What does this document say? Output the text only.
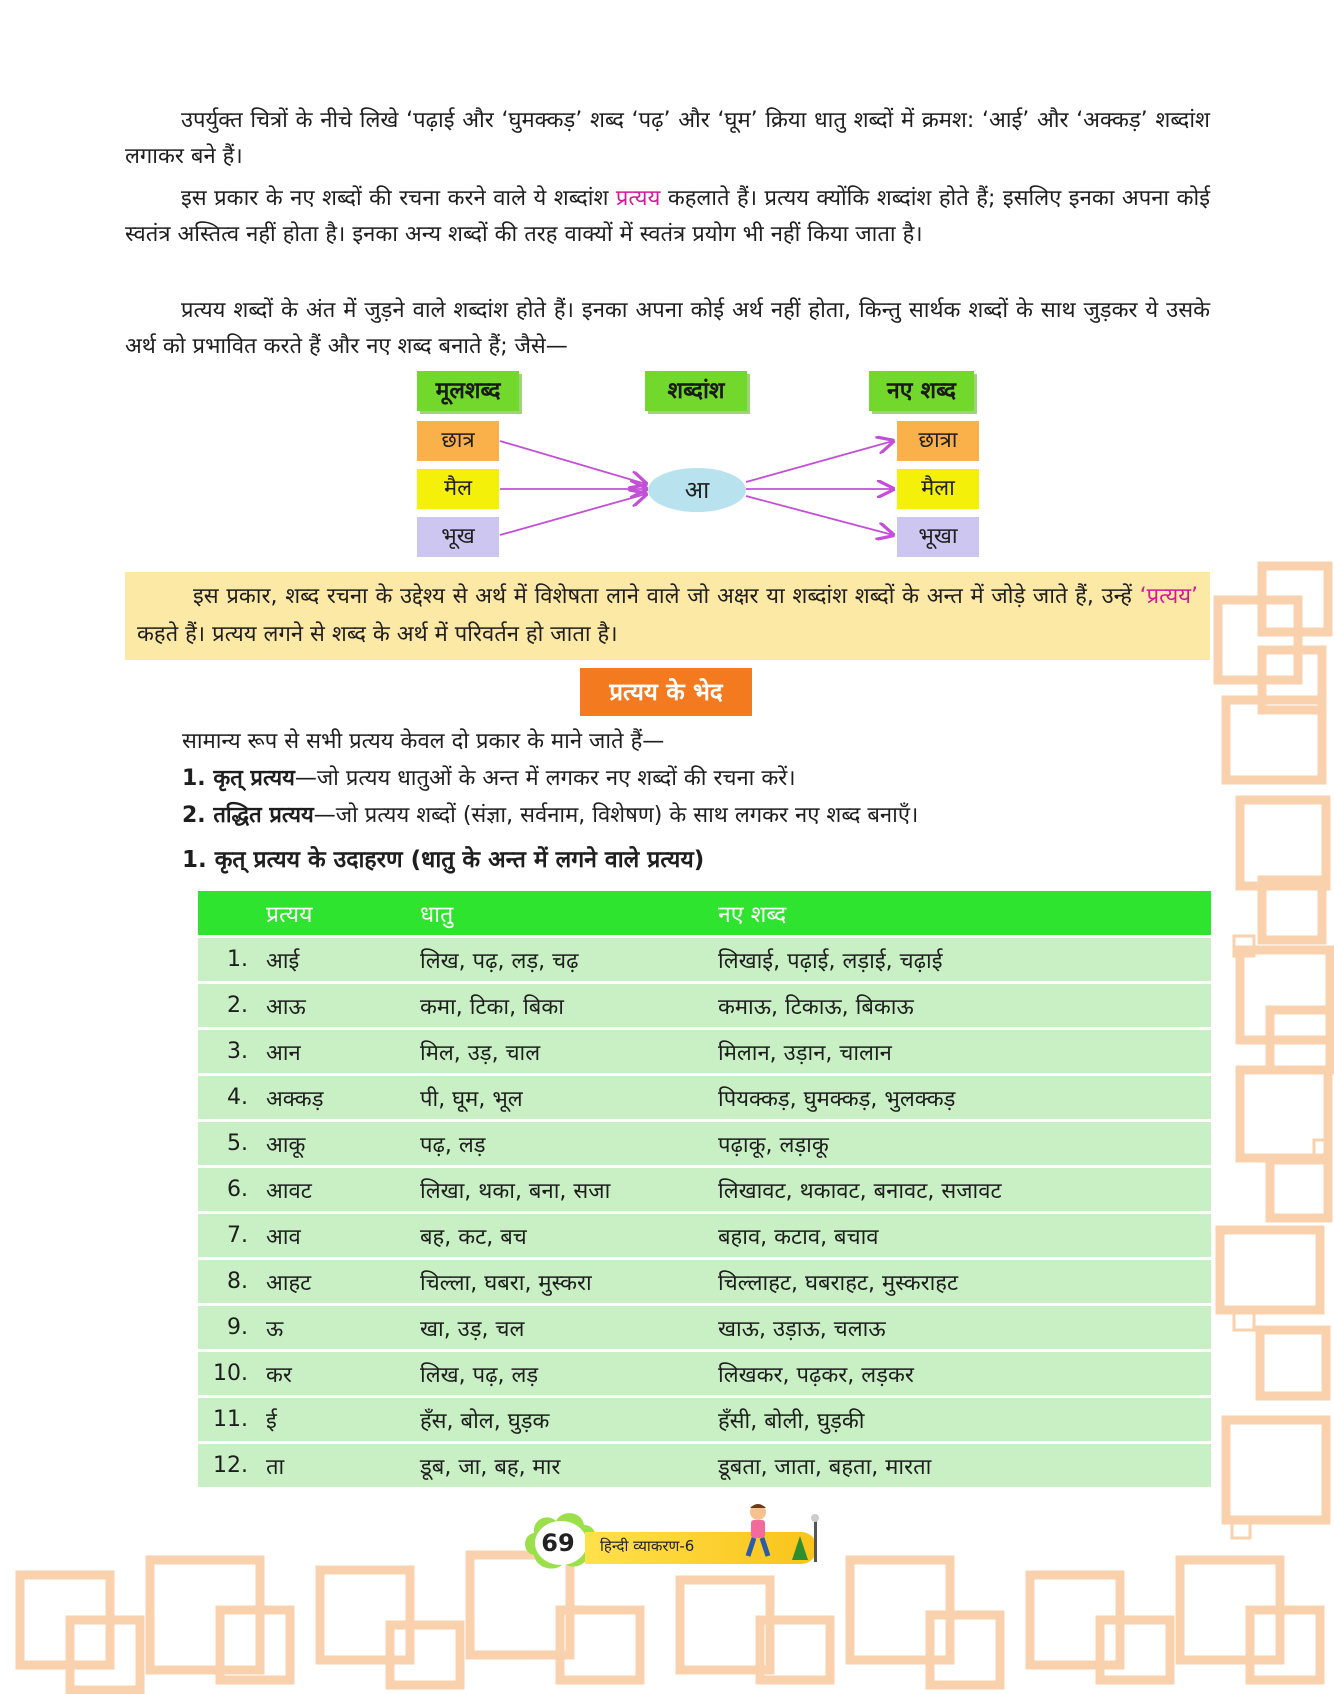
उपर्युक्त चित्रों के नीचे लिखे ‘पढ़ाई और ‘घुमक्कड़’ शब्द ‘पढ़’ और ‘घूम’ क्रिया धातु शब्दों में क्रमश: ‘आई’ और ‘अक्कड़’ शब्दांश लगाकर बने हैं।

इस प्रकार के नए शब्दों की रचना करने वाले ये शब्दांश प्रत्यय कहलाते हैं। प्रत्यय क्योंकि शब्दांश होते हैं; इसलिए इनका अपना कोई स्वतंत्र अस्तित्व नहीं होता है। इनका अन्य शब्दों की तरह वाक्यों में स्वतंत्र प्रयोग भी नहीं किया जाता है।

प्रत्यय शब्दों के अंत में जुड़ने वाले शब्दांश होते हैं। इनका अपना कोई अर्थ नहीं होता, किन्तु सार्थक शब्दों के साथ जुड़कर ये उसके अर्थ को प्रभावित करते हैं और नए शब्द बनाते हैं; जैसे—

मूलशब्द	शब्दांश	नए शब्द
छात्र
मैल
भूख
आ
छात्रा
मैला
भूखा
इस प्रकार, शब्द रचना के उद्देश्य से अर्थ में विशेषता लाने वाले जो अक्षर या शब्दांश शब्दों के अन्त में जोड़े जाते हैं, उन्हें ‘प्रत्यय’ कहते हैं। प्रत्यय लगने से शब्द के अर्थ में परिवर्तन हो जाता है।
प्रत्यय के भेद
सामान्य रूप से सभी प्रत्यय केवल दो प्रकार के माने जाते हैं—
1. कृत् प्रत्यय—जो प्रत्यय धातुओं के अन्त में लगकर नए शब्दों की रचना करें।
2. तद्धित प्रत्यय—जो प्रत्यय शब्दों (संज्ञा, सर्वनाम, विशेषण) के साथ लगकर नए शब्द बनाएँ।
1. कृत् प्रत्यय के उदाहरण (धातु के अन्त में लगने वाले प्रत्यय)
	प्रत्यय	धातु	नए शब्द
1.	आई	लिख, पढ़, लड़, चढ़	लिखाई, पढ़ाई, लड़ाई, चढ़ाई
2.	आऊ	कमा, टिका, बिका	कमाऊ, टिकाऊ, बिकाऊ
3.	आन	मिल, उड़, चाल	मिलान, उड़ान, चालान
4.	अक्कड़	पी, घूम, भूल	पियक्कड़, घुमक्कड़, भुलक्कड़
5.	आकू	पढ़, लड़	पढ़ाकू, लड़ाकू
6.	आवट	लिखा, थका, बना, सजा	लिखावट, थकावट, बनावट, सजावट
7.	आव	बह, कट, बच	बहाव, कटाव, बचाव
8.	आहट	चिल्ला, घबरा, मुस्करा	चिल्लाहट, घबराहट, मुस्कराहट
9.	ऊ	खा, उड़, चल	खाऊ, उड़ाऊ, चलाऊ
10.	कर	लिख, पढ़, लड़	लिखकर, पढ़कर, लड़कर
11.	ई	हँस, बोल, घुड़क	हँसी, बोली, घुड़की
12.	ता	डूब, जा, बह, मार	डूबता, जाता, बहता, मारता
69	हिन्दी व्याकरण-6
